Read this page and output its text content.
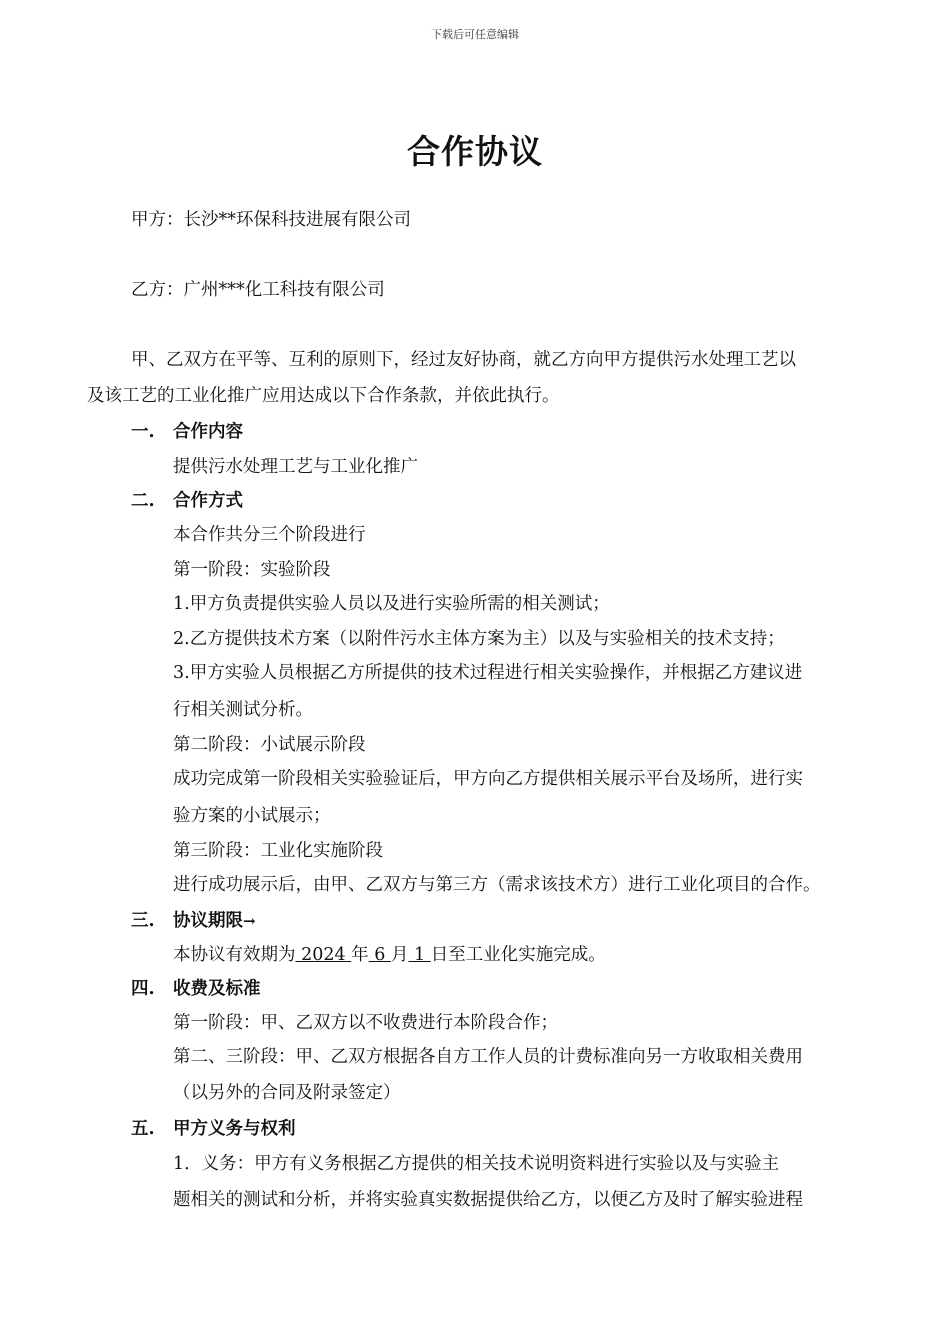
下载后可任意编辑
合作协议
甲方：长沙**环保科技进展有限公司
乙方：广州***化工科技有限公司
甲、乙双方在平等、互利的原则下，经过友好协商，就乙方向甲方提供污水处理工艺以
及该工艺的工业化推广应用达成以下合作条款，并依此执行。
一. 合作内容
提供污水处理工艺与工业化推广
二. 合作方式
本合作共分三个阶段进行
第一阶段：实验阶段
1.甲方负责提供实验人员以及进行实验所需的相关测试；
2.乙方提供技术方案（以附件污水主体方案为主）以及与实验相关的技术支持；
3.甲方实验人员根据乙方所提供的技术过程进行相关实验操作，并根据乙方建议进
行相关测试分析。
第二阶段：小试展示阶段
成功完成第一阶段相关实验验证后，甲方向乙方提供相关展示平台及场所，进行实
验方案的小试展示；
第三阶段：工业化实施阶段
进行成功展示后，由甲、乙双方与第三方（需求该技术方）进行工业化项目的合作。
三. 协议期限→
本协议有效期为 2024 年 6 月 1 日至工业化实施完成。
四. 收费及标准
第一阶段：甲、乙双方以不收费进行本阶段合作；
第二、三阶段：甲、乙双方根据各自方工作人员的计费标准向另一方收取相关费用
（以另外的合同及附录签定）
五. 甲方义务与权利
1．义务：甲方有义务根据乙方提供的相关技术说明资料进行实验以及与实验主
题相关的测试和分析，并将实验真实数据提供给乙方，以便乙方及时了解实验进程
